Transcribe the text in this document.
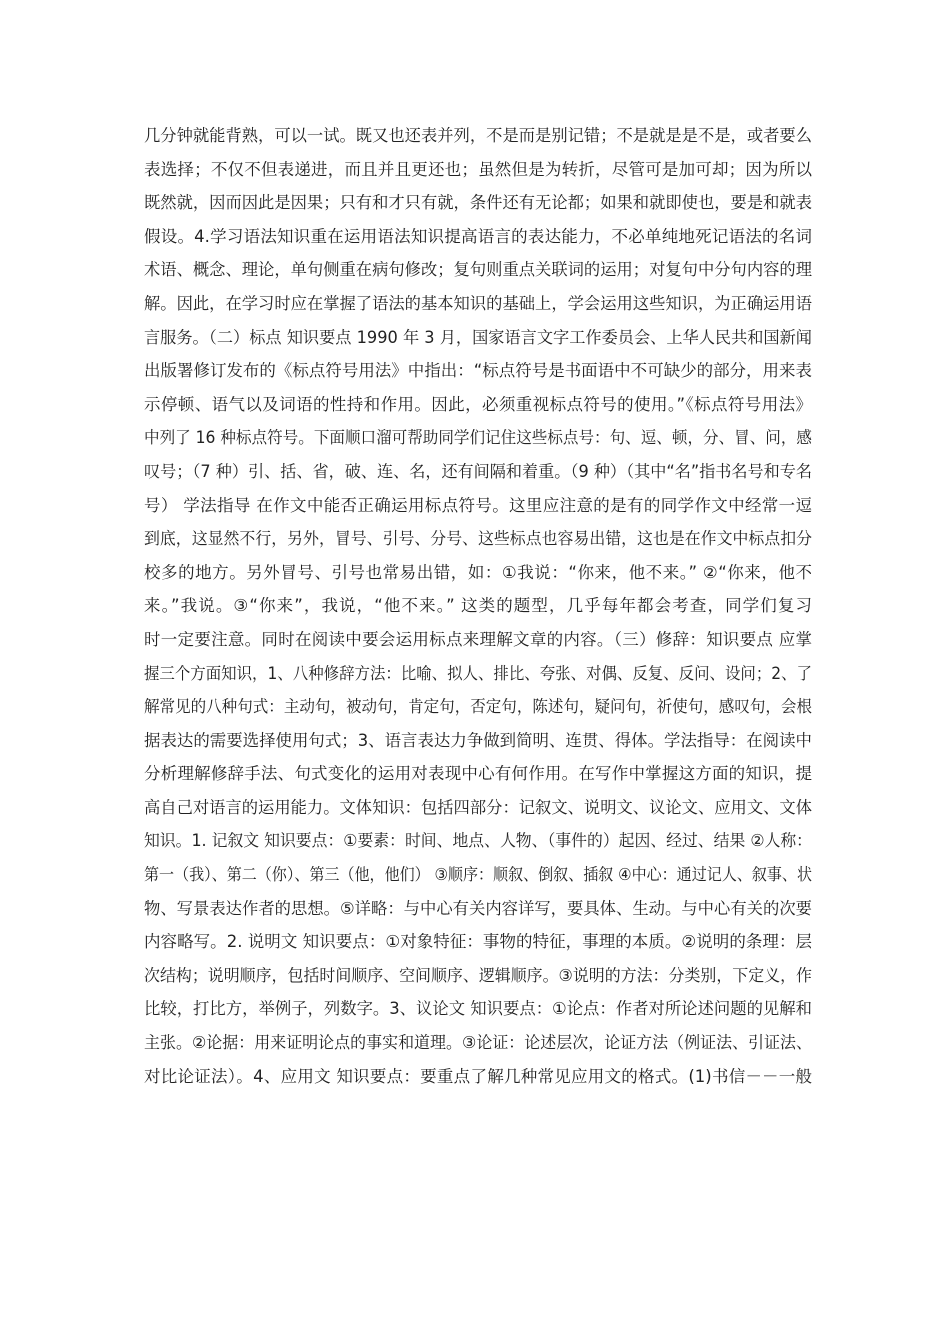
几分钟就能背熟，可以一试。既又也还表并列，不是而是别记错；不是就是是不是，或者要么
表选择；不仅不但表递进，而且并且更还也；虽然但是为转折，尽管可是加可却；因为所以
既然就，因而因此是因果；只有和才只有就，条件还有无论都；如果和就即使也，要是和就表
假设。4.学习语法知识重在运用语法知识提高语言的表达能力，不必单纯地死记语法的名词
术语、概念、理论，单句侧重在病句修改；复句则重点关联词的运用；对复句中分句内容的理
解。因此，在学习时应在掌握了语法的基本知识的基础上，学会运用这些知识，为正确运用语
言服务。（二）标点 知识要点 1990 年 3 月，国家语言文字工作委员会、上华人民共和国新闻
出版署修订发布的《标点符号用法》中指出：“标点符号是书面语中不可缺少的部分，用来表
示停顿、语气以及词语的性持和作用。因此，必须重视标点符号的使用。”《标点符号用法》
中列了 16 种标点符号。下面顺口溜可帮助同学们记住这些标点号：句、逗、顿，分、冒、问，感
叹号；（7 种）引、括、省，破、连、名，还有间隔和着重。（9 种）（其中“名”指书名号和专名
号） 学法指导 在作文中能否正确运用标点符号。这里应注意的是有的同学作文中经常一逗
到底，这显然不行，另外，冒号、引号、分号、这些标点也容易出错，这也是在作文中标点扣分
校多的地方。另外冒号、引号也常易出错，如：①我说：“你来，他不来。” ②“你来，他不
来。”我说。③“你来”，我说，“他不来。” 这类的题型，几乎每年都会考查，同学们复习
时一定要注意。同时在阅读中要会运用标点来理解文章的内容。（三）修辞：知识要点 应掌
握三个方面知识，1、八种修辞方法：比喻、拟人、排比、夸张、对偶、反复、反问、设问；2、了
解常见的八种句式：主动句，被动句，肯定句，否定句，陈述句，疑问句，祈使句，感叹句，会根
据表达的需要选择使用句式；3、语言表达力争做到简明、连贯、得体。学法指导：在阅读中
分析理解修辞手法、句式变化的运用对表现中心有何作用。在写作中掌握这方面的知识，提
高自己对语言的运用能力。文体知识：包括四部分：记叙文、说明文、议论文、应用文、文体
知识。1. 记叙文 知识要点：①要素：时间、地点、人物、（事件的）起因、经过、结果 ②人称：
第一（我）、第二（你）、第三（他，他们） ③顺序：顺叙、倒叙、插叙 ④中心：通过记人、叙事、状
物、写景表达作者的思想。⑤详略：与中心有关内容详写，要具体、生动。与中心有关的次要
内容略写。2. 说明文 知识要点：①对象特征：事物的特征，事理的本质。②说明的条理：层
次结构；说明顺序，包括时间顺序、空间顺序、逻辑顺序。③说明的方法：分类别，下定义，作
比较，打比方，举例子，列数字。3、议论文 知识要点：①论点：作者对所论述问题的见解和
主张。②论据：用来证明论点的事实和道理。③论证：论述层次，论证方法（例证法、引证法、
对比论证法）。4、应用文 知识要点：要重点了解几种常见应用文的格式。(1)书信－－一般
